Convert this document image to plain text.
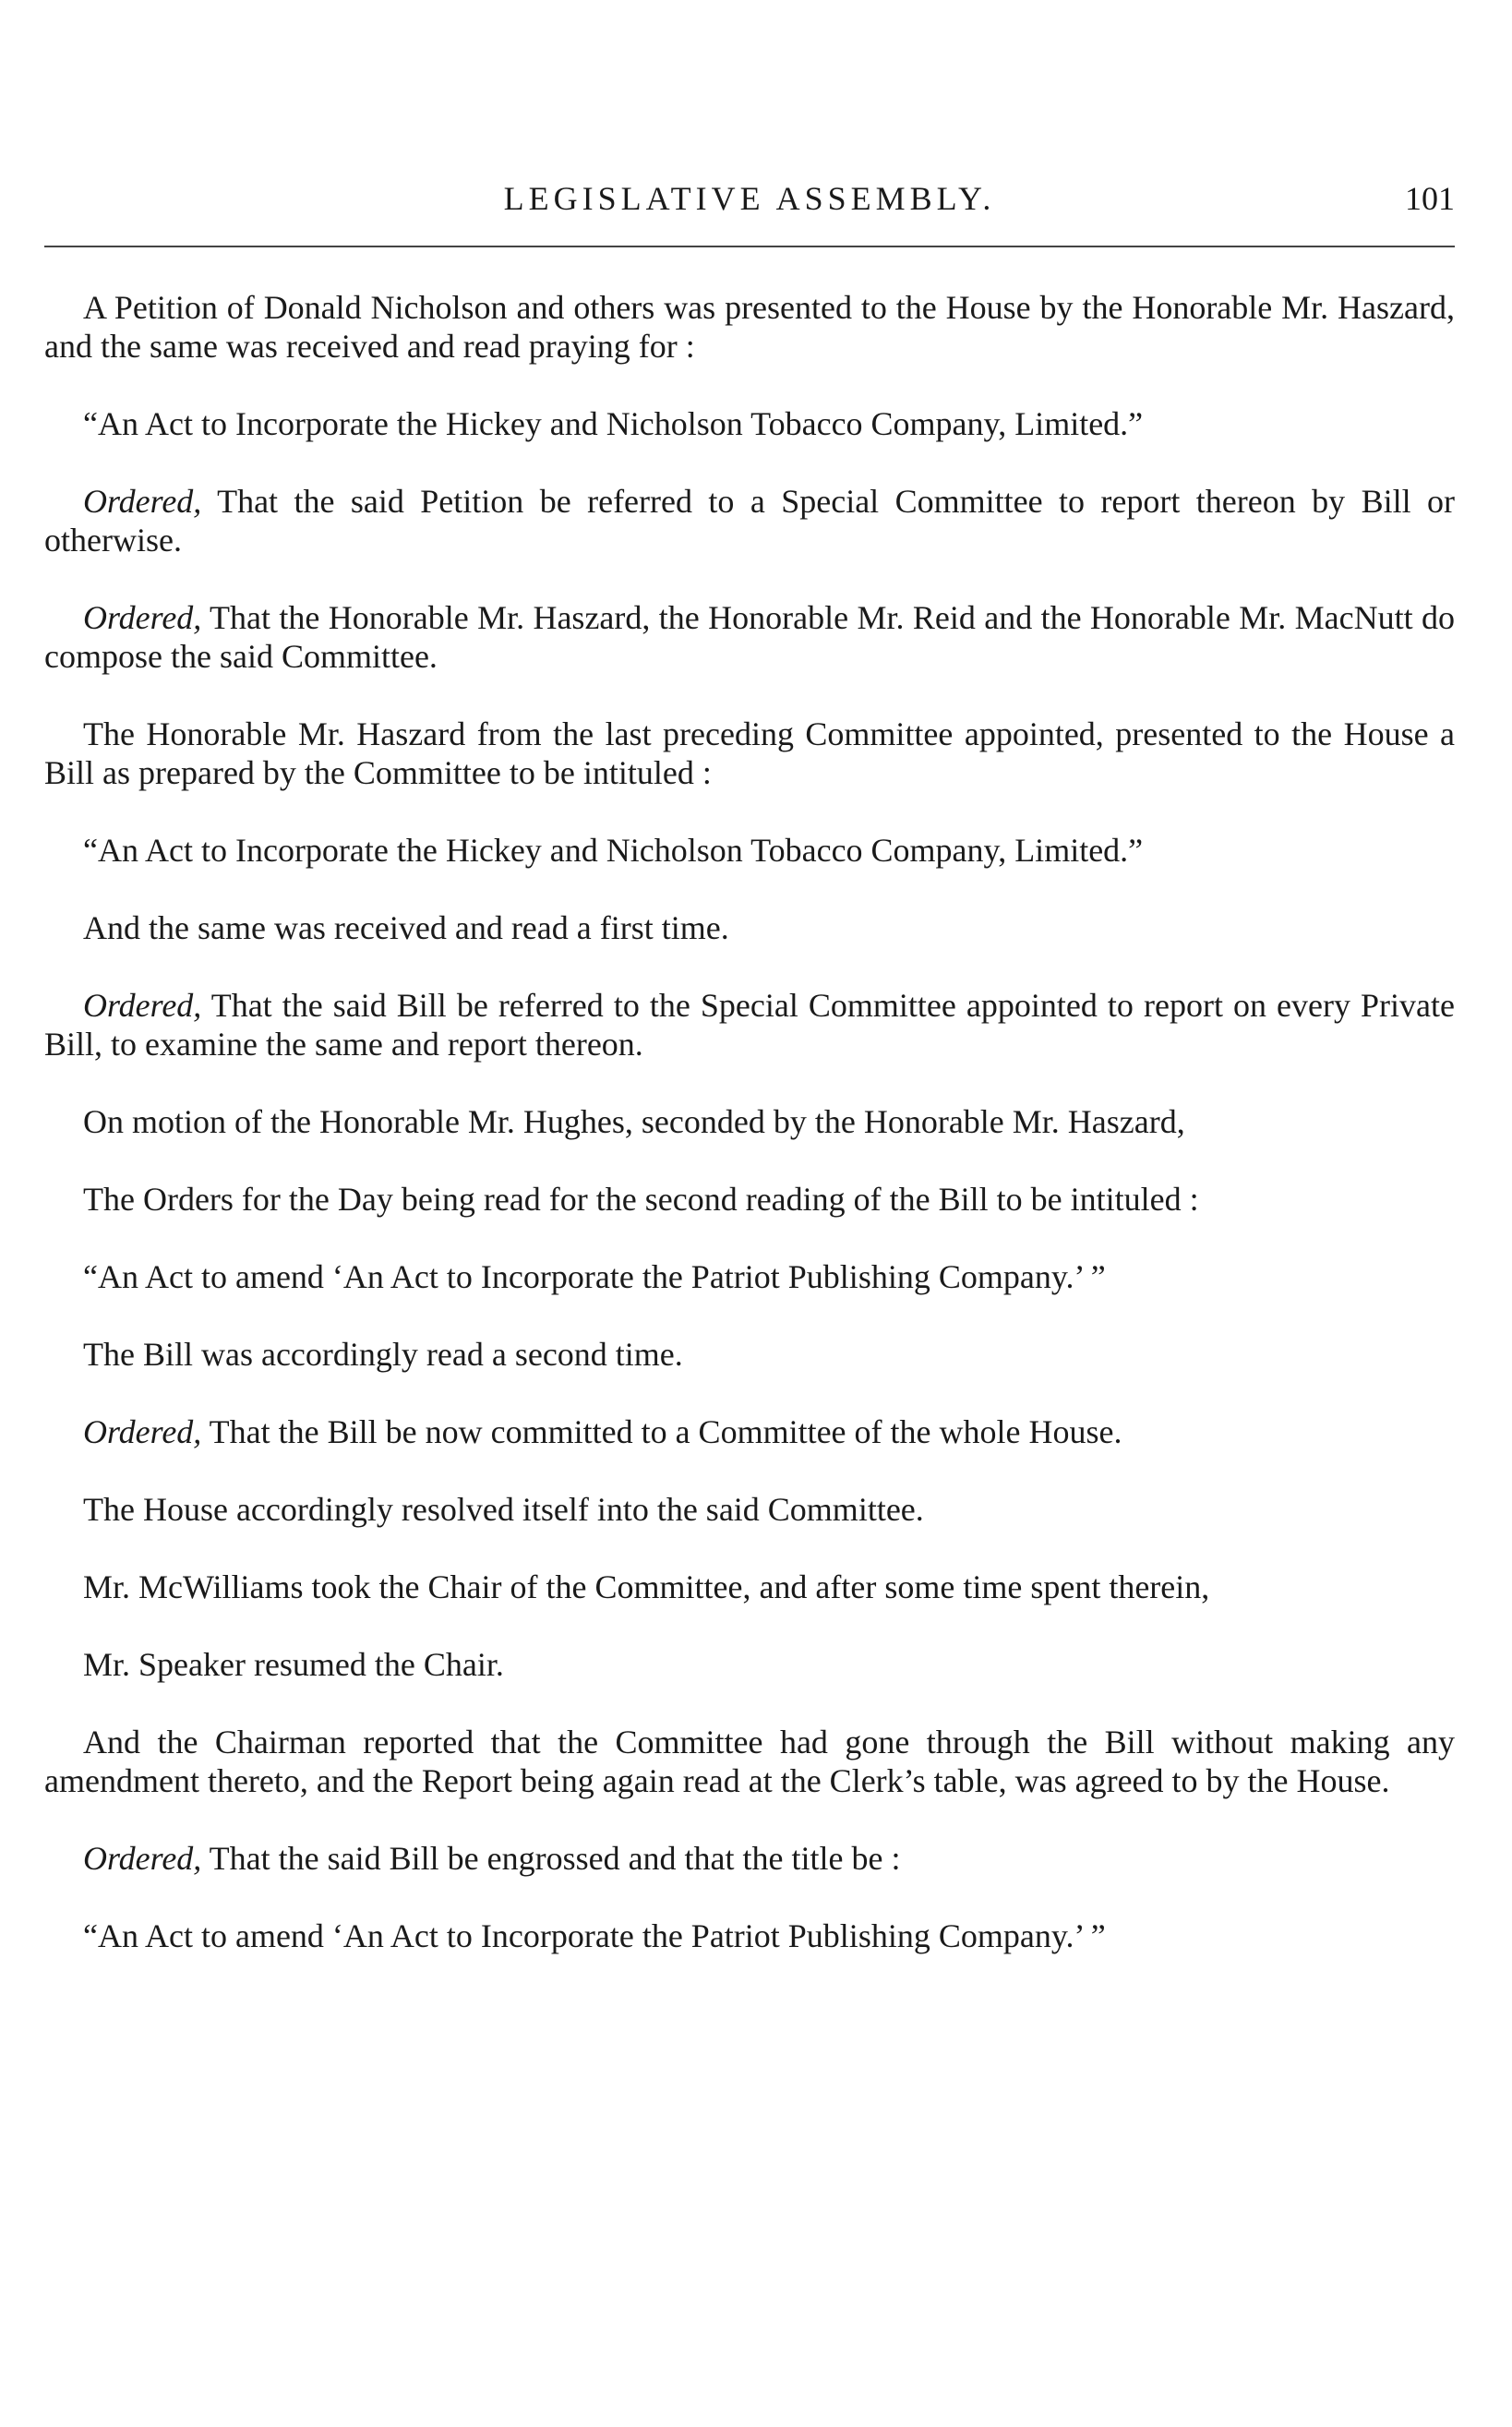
LEGISLATIVE ASSEMBLY.	101

A Petition of Donald Nicholson and others was presented to the House by the Honorable Mr. Haszard, and the same was received and read praying for :

“An Act to Incorporate the Hickey and Nicholson Tobacco Company, Limited.”

Ordered, That the said Petition be referred to a Special Committee to report thereon by Bill or otherwise.

Ordered, That the Honorable Mr. Haszard, the Honorable Mr. Reid and the Honorable Mr. MacNutt do compose the said Committee.

The Honorable Mr. Haszard from the last preceding Committee appointed, presented to the House a Bill as prepared by the Committee to be intituled :

“An Act to Incorporate the Hickey and Nicholson Tobacco Company, Limited.”

And the same was received and read a first time.

Ordered, That the said Bill be referred to the Special Committee appointed to report on every Private Bill, to examine the same and report thereon.

On motion of the Honorable Mr. Hughes, seconded by the Honorable Mr. Haszard,

The Orders for the Day being read for the second reading of the Bill to be intituled :

“An Act to amend ‘An Act to Incorporate the Patriot Publishing Company.’ ”

The Bill was accordingly read a second time.

Ordered, That the Bill be now committed to a Committee of the whole House.

The House accordingly resolved itself into the said Committee.

Mr. McWilliams took the Chair of the Committee, and after some time spent therein,

Mr. Speaker resumed the Chair.

And the Chairman reported that the Committee had gone through the Bill without making any amendment thereto, and the Report being again read at the Clerk’s table, was agreed to by the House.

Ordered, That the said Bill be engrossed and that the title be :

“An Act to amend ‘An Act to Incorporate the Patriot Publishing Company.’ ”
